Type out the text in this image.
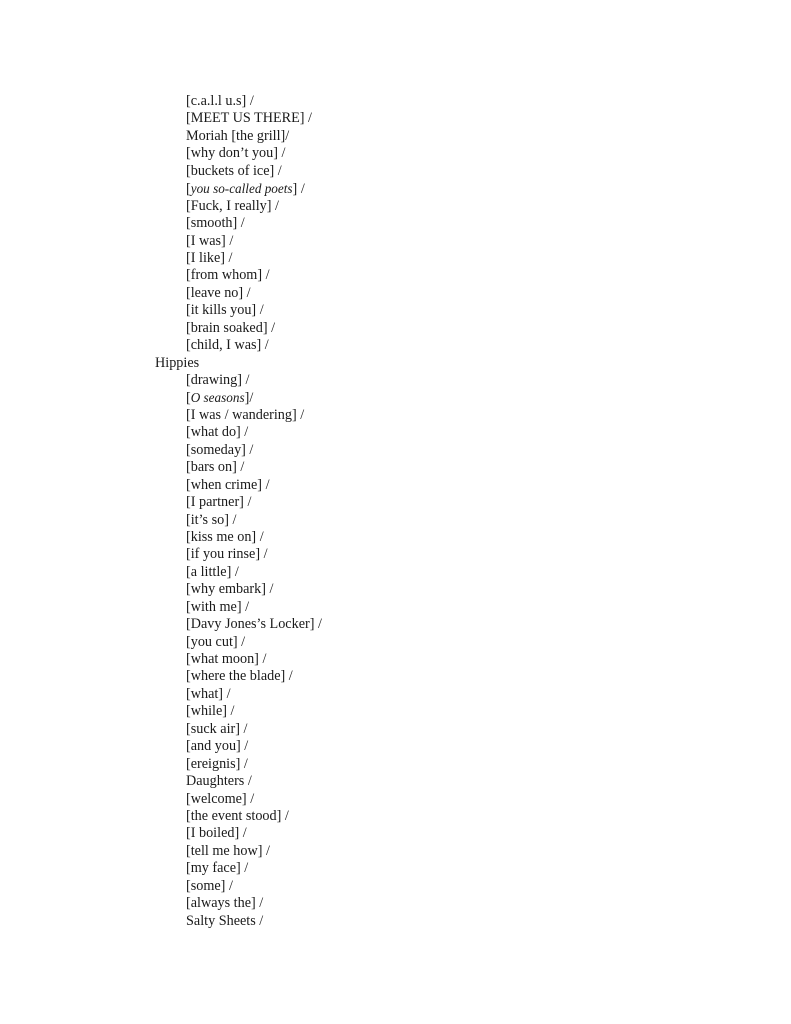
[c.a.l.l u.s] /
[MEET US THERE] /
Moriah [the grill]/
[why don’t you] /
[buckets of ice] /
[you so-called poets] /
[Fuck, I really] /
[smooth] /
[I was] /
[I like] /
[from whom] /
[leave no] /
[it kills you] /
[brain soaked] /
[child, I was] /
Hippies
[drawing] /
[O seasons]/
[I was / wandering] /
[what do] /
[someday] /
[bars on] /
[when crime] /
[I partner] /
[it’s so] /
[kiss me on] /
[if you rinse] /
[a little] /
[why embark] /
[with me] /
[Davy Jones’s Locker] /
[you cut] /
[what moon] /
[where the blade] /
[what] /
[while] /
[suck air] /
[and you] /
[ereignis] /
Daughters /
[welcome] /
[the event stood] /
[I boiled] /
[tell me how] /
[my face] /
[some] /
[always the] /
Salty Sheets /
